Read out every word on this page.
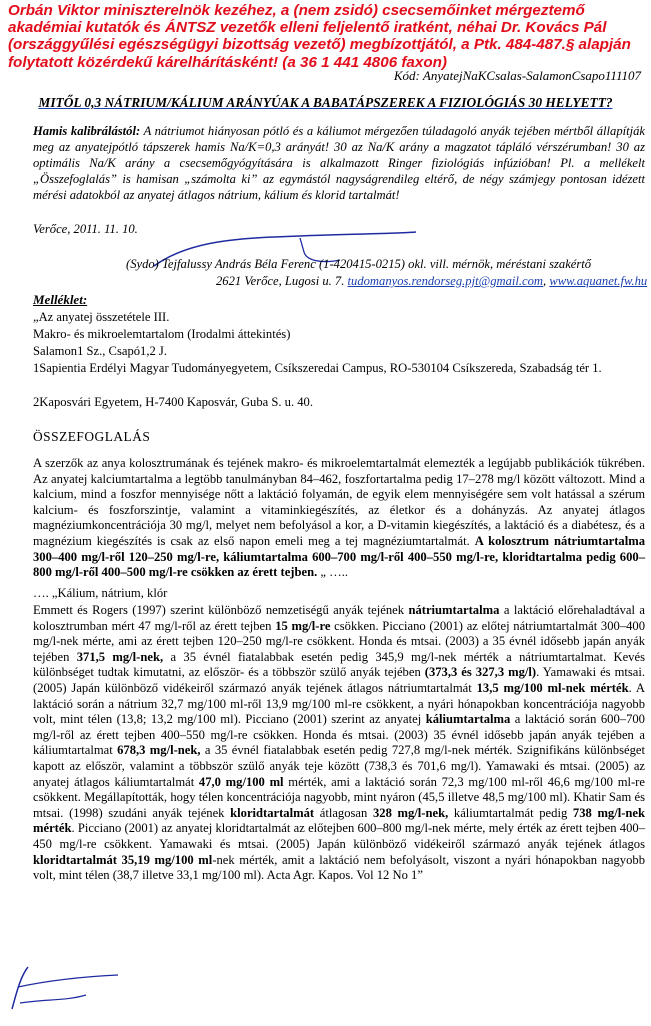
Orbán Viktor miniszterelnök kezéhez, a (nem zsidó) csecsemőinket mérgezteтő akadémiai kutatók és ÁNTSZ vezetők elleni feljelentő iratként, néhai Dr. Kovács Pál (országgyűlési egészségügyi bizottság vezető) megbízottjától, a Ptk. 484-487.§ alapján folytatott közérdekű kárelhárításként! (a 36 1 441 4806 faxon)
Kód: AnyatejNaKCsalas-SalamonCsapo111107
MITŐL 0,3 NÁTRIUM/KÁLIUM ARÁNYÚAK A BABATÁPSZEREK A FIZIOLÓGIÁS 30 HELYETT?
Hamis kalibrálástól: A nátriumot hiányosan pótló és a káliumot mérgezően túladagoló anyák tejében mértből állapítják meg az anyatejpótló tápszerek hamis Na/K=0,3 arányát! 30 az Na/K arány a magzatot tápláló vérszérumban! 30 az optimális Na/K arány a csecsemőgyógyítására is alkalmazott Ringer fiziológiás infúzióban! Pl. a mellékelt „Összefoglalás” is hamisan „számolta ki” az egymástól nagyságrendileg eltérő, de négy számjegy pontosan idézett mérési adatokból az anyatej átlagos nátrium, kálium és klorid tartalmát!
Verőce, 2011. 11. 10.
(Sydo) Tejfalussy András Béla Ferenc (1-420415-0215) okl. vill. mérnök, méréstani szakértő
2621 Verőce, Lugosi u. 7. tudomanyos.rendorseg.pjt@gmail.com, www.aquanet.fw.hu
Melléklet:
„Az anyatej összetétele III.
Makro- és mikroelemtartalom (Irodalmi áttekintés)
Salamon1 Sz., Csapó1,2 J.
1Sapientia Erdélyi Magyar Tudományegyetem, Csíkszeredai Campus, RO-530104 Csíkszereda, Szabadság tér 1.
2Kaposvári Egyetem, H-7400 Kaposvár, Guba S. u. 40.
ÖSSZEFOGLALÁS
A szerzők az anya kolosztrumának és tejének makro- és mikroelemtartalmát elemezték a legújabb publikációk tükrében. Az anyatej kalciumtartalma a legtöbb tanulmányban 84–462, foszfortartalma pedig 17–278 mg/l között változott. Mind a kalcium, mind a foszfor mennyisége nőtt a laktáció folyamán, de egyik elem mennyiségére sem volt hatással a szérum kalcium- és foszforszintje, valamint a vitaminkiegészítés, az életkor és a dohányzás. Az anyatej átlagos magnéziumkoncentrációja 30 mg/l, melyet nem befolyásol a kor, a D-vitamin kiegészítés, a laktáció és a diabétesz, és a magnézium kiegészítés is csak az első napon emeli meg a tej magnéziumtartalmát. A kolosztrum nátriumtartalma 300–400 mg/l-ről 120–250 mg/l-re, káliumtartalma 600–700 mg/l-ről 400–550 mg/l-re, kloridtartalma pedig 600–800 mg/l-ről 400–500 mg/l-re csökken az érett tejben. „ …..
…. „Kálium, nátrium, klór
Emmett és Rogers (1997) szerint különböző nemzetiségű anyák tejének nátriumtartalma a laktáció előrehaladtával a kolosztrumban mért 47 mg/l-ről az érett tejben 15 mg/l-re csökken. Picciano (2001) az előtej nátriumtartalmát 300–400 mg/l-nek mérte, ami az érett tejben 120–250 mg/l-re csökkent. Honda és mtsai. (2003) a 35 évnél idősebb japán anyák tejében 371,5 mg/l-nek, a 35 évnél fiatalabbak esetén pedig 345,9 mg/l-nek mérték a nátriumtartalmat. Kevés különbséget tudtak kimutatni, az először- és a többször szülő anyák tejében (373,3 és 327,3 mg/l). Yamawaki és mtsai. (2005) Japán különböző vidékeiről származó anyák tejének átlagos nátriumtartalmát 13,5 mg/100 ml-nek mérték. A laktáció során a nátrium 32,7 mg/100 ml-ről 13,9 mg/100 ml-re csökkent, a nyári hónapokban koncentrációja nagyobb volt, mint télen (13,8; 13,2 mg/100 ml). Picciano (2001) szerint az anyatej káliumtartalma a laktáció során 600–700 mg/l-ről az érett tejben 400–550 mg/l-re csökken. Honda és mtsai. (2003) 35 évnél idősebb japán anyák tejében a káliumtartalmat 678,3 mg/l-nek, a 35 évnél fiatalabbak esetén pedig 727,8 mg/l-nek mérték. Szignifikáns különbséget kapott az először, valamint a többször szülő anyák teje között (738,3 és 701,6 mg/l). Yamawaki és mtsai. (2005) az anyatej átlagos káliumtartalmát 47,0 mg/100 ml mérték, ami a laktáció során 72,3 mg/100 ml-ről 46,6 mg/100 ml-re csökkent. Megállapították, hogy télen koncentrációja nagyobb, mint nyáron (45,5 illetve 48,5 mg/100 ml). Khatir Sam és mtsai. (1998) szudáni anyák tejének kloridtartalmát átlagosan 328 mg/l-nek, káliumtartalmát pedig 738 mg/l-nek mérték. Picciano (2001) az anyatej kloridtartalmát az előtejben 600–800 mg/l-nek mérte, mely érték az érett tejben 400–450 mg/l-re csökkent. Yamawaki és mtsai. (2005) Japán különböző vidékeiről származó anyák tejének átlagos kloridtartalmát 35,19 mg/100 ml-nek mérték, amit a laktáció nem befolyásolt, viszont a nyári hónapokban nagyobb volt, mint télen (38,7 illetve 33,1 mg/100 ml). Acta Agr. Kapos. Vol 12 No 1”
